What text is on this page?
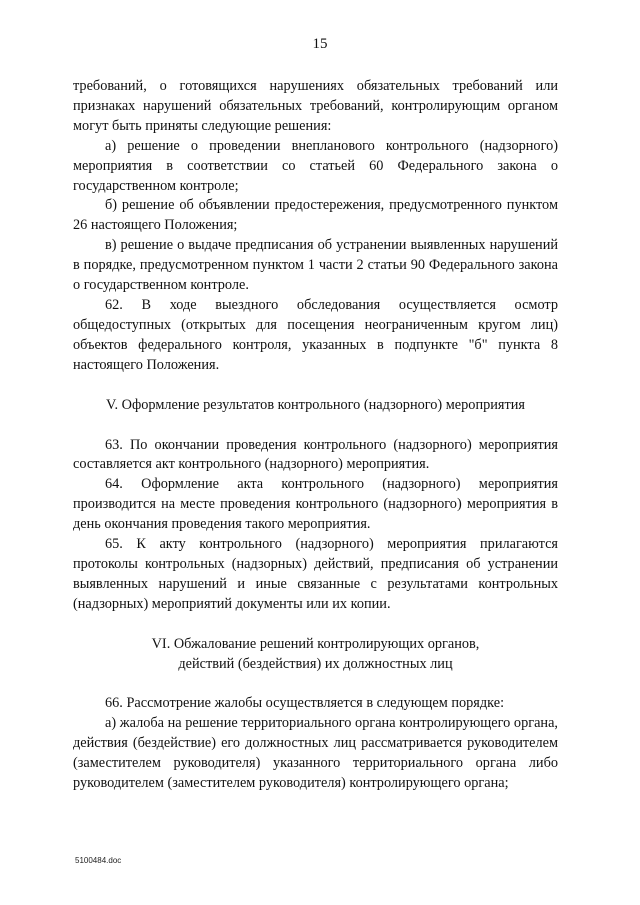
15

требований, о готовящихся нарушениях обязательных требований или признаках нарушений обязательных требований, контролирующим органом могут быть приняты следующие решения:

а) решение о проведении внепланового контрольного (надзорного) мероприятия в соответствии со статьей 60 Федерального закона о государственном контроле;

б) решение об объявлении предостережения, предусмотренного пунктом 26 настоящего Положения;

в) решение о выдаче предписания об устранении выявленных нарушений в порядке, предусмотренном пунктом 1 части 2 статьи 90 Федерального закона о государственном контроле.

62. В ходе выездного обследования осуществляется осмотр общедоступных (открытых для посещения неограниченным кругом лиц) объектов федерального контроля, указанных в подпункте "б" пункта 8 настоящего Положения.

V. Оформление результатов контрольного (надзорного) мероприятия

63. По окончании проведения контрольного (надзорного) мероприятия составляется акт контрольного (надзорного) мероприятия.

64. Оформление акта контрольного (надзорного) мероприятия производится на месте проведения контрольного (надзорного) мероприятия в день окончания проведения такого мероприятия.

65. К акту контрольного (надзорного) мероприятия прилагаются протоколы контрольных (надзорных) действий, предписания об устранении выявленных нарушений и иные связанные с результатами контрольных (надзорных) мероприятий документы или их копии.

VI. Обжалование решений контролирующих органов,

действий (бездействия) их должностных лиц

66. Рассмотрение жалобы осуществляется в следующем порядке:

а) жалоба на решение территориального органа контролирующего органа, действия (бездействие) его должностных лиц рассматривается руководителем (заместителем руководителя) указанного территориального органа либо руководителем (заместителем руководителя) контролирующего органа;

5100484.doc
